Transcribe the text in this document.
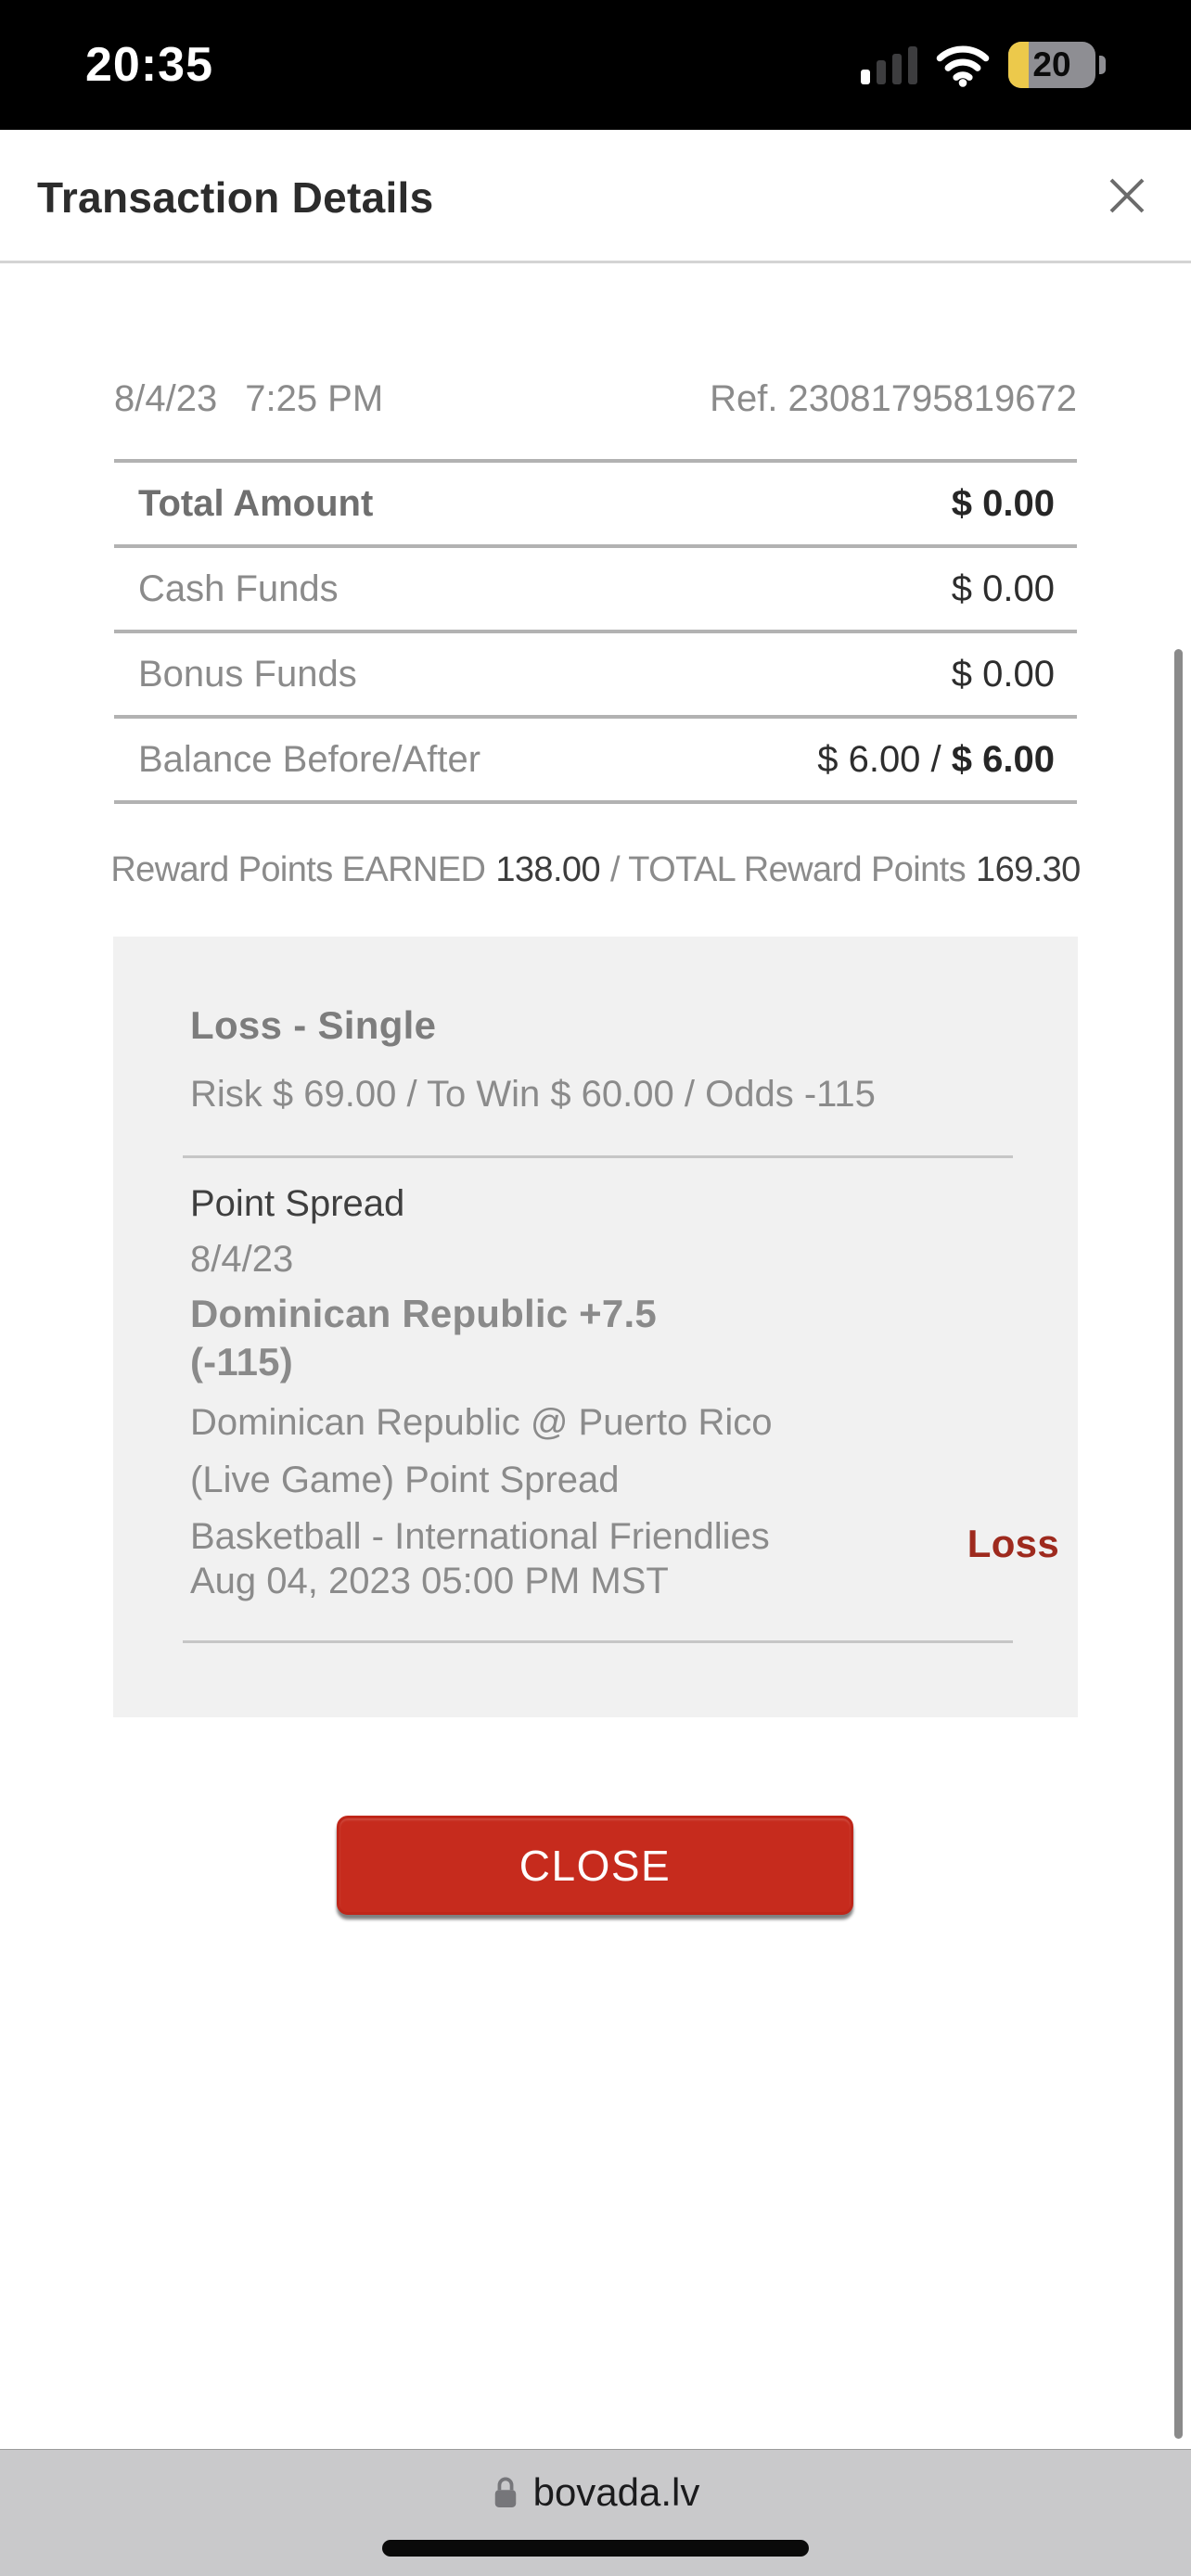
20:35	20
Transaction Details
8/4/23 7:25 PM	Ref. 23081795819672
Total Amount	$ 0.00
Cash Funds	$ 0.00
Bonus Funds	$ 0.00
Balance Before/After	$ 6.00 / $ 6.00
Reward Points EARNED 138.00 / TOTAL Reward Points 169.30
Loss - Single
Risk $ 69.00 / To Win $ 60.00 / Odds -115
Point Spread
8/4/23
Dominican Republic +7.5 (-115)
Dominican Republic @ Puerto Rico
(Live Game) Point Spread
Basketball - International Friendlies Aug 04, 2023 05:00 PM MST
Loss
CLOSE
bovada.lv
